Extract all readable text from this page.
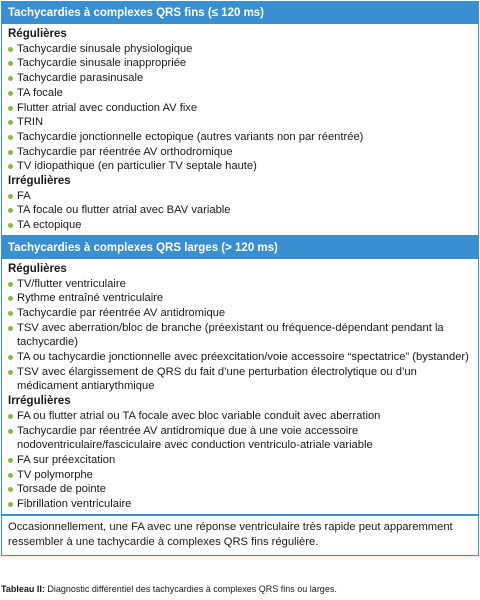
Tachycardies à complexes QRS fins (≤ 120 ms)
Régulières
Tachycardie sinusale physiologique
Tachycardie sinusale inappropriée
Tachycardie parasinusale
TA focale
Flutter atrial avec conduction AV fixe
TRIN
Tachycardie jonctionnelle ectopique (autres variants non par réentrée)
Tachycardie par réentrée AV orthodromique
TV idiopathique (en particulier TV septale haute)
Irrégulières
FA
TA focale ou flutter atrial avec BAV variable
TA ectopique
Tachycardies à complexes QRS larges (> 120 ms)
Régulières
TV/flutter ventriculaire
Rythme entraîné ventriculaire
Tachycardie par réentrée AV antidromique
TSV avec aberration/bloc de branche (préexistant ou fréquence-dépendant pendant la tachycardie)
TA ou tachycardie jonctionnelle avec préexcitation/voie accessoire “spectatrice” (bystander)
TSV avec élargissement de QRS du fait d’une perturbation électrolytique ou d’un médicament antiarythmique
Irrégulières
FA ou flutter atrial ou TA focale avec bloc variable conduit avec aberration
Tachycardie par réentrée AV antidromique due à une voie accessoire nodoventriculaire/fasciculaire avec conduction ventriculo-atriale variable
FA sur préexcitation
TV polymorphe
Torsade de pointe
Fibrillation ventriculaire
Occasionnellement, une FA avec une réponse ventriculaire très rapide peut apparemment ressembler à une tachycardie à complexes QRS fins régulière.
Tableau II: Diagnostic différentiel des tachycardies à complexes QRS fins ou larges.
